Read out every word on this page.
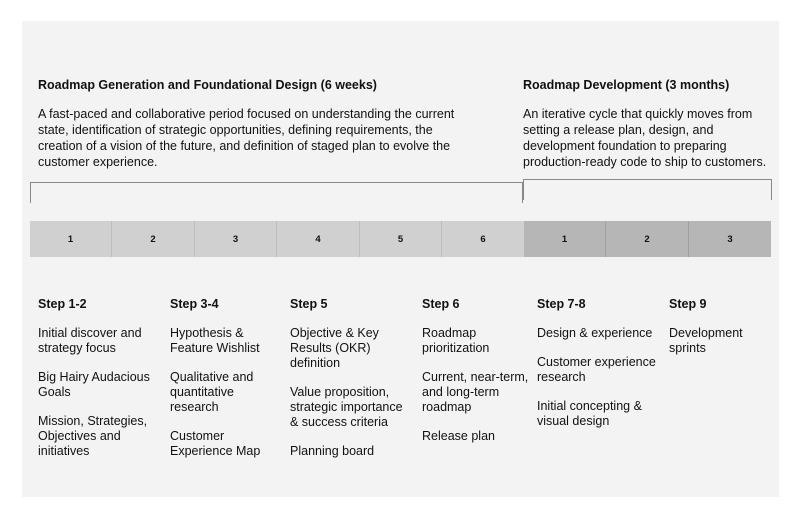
Roadmap Generation and Foundational Design (6 weeks)
A fast-paced and collaborative period focused on understanding the current
state, identification of strategic opportunities, defining requirements, the
creation of a vision of the future, and definition of staged plan to evolve the
customer experience.
Roadmap Development (3 months)
An iterative cycle that quickly moves from
setting a release plan, design, and
development foundation to preparing
production-ready code to ship to customers.
1	2	3	4	5	6	1	2	3
Step 1-2
Initial discover and
strategy focus
Big Hairy Audacious
Goals
Mission, Strategies,
Objectives and
initiatives
Step 3-4
Hypothesis &
Feature Wishlist
Qualitative and
quantitative
research
Customer
Experience Map
Step 5
Objective & Key
Results (OKR)
definition
Value proposition,
strategic importance
& success criteria
Planning board
Step 6
Roadmap
prioritization
Current, near-term,
and long-term
roadmap
Release plan
Step 7-8
Design & experience
Customer experience
research
Initial concepting &
visual design
Step 9
Development
sprints
